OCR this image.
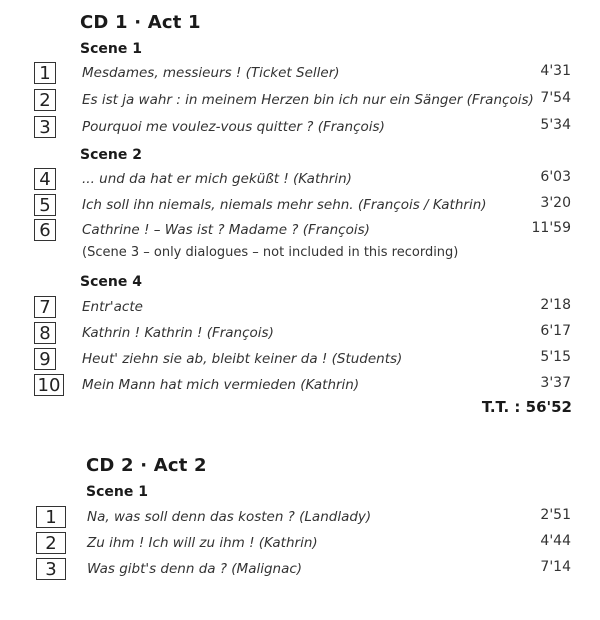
CD 1 · Act 1
Scene 1
1	Mesdames, messieurs ! (Ticket Seller)	4'31
2	Es ist ja wahr : in meinem Herzen bin ich nur ein Sänger (François) 7'54
3	Pourquoi me voulez-vous quitter ? (François)	5'34
Scene 2
4	... und da hat er mich geküßt ! (Kathrin)	6'03
5	Ich soll ihn niemals, niemals mehr sehn. (François / Kathrin)	3'20
6	Cathrine ! – Was ist ? Madame ? (François)	11'59
(Scene 3 – only dialogues – not included in this recording)
Scene 4
7	Entr'acte	2'18
8	Kathrin ! Kathrin ! (François)	6'17
9	Heut' ziehn sie ab, bleibt keiner da ! (Students)	5'15
10 Mein Mann hat mich vermieden (Kathrin)	3'37
T.T. : 56'52
CD 2 · Act 2
Scene 1
1	Na, was soll denn das kosten ? (Landlady)	2'51
2	Zu ihm ! Ich will zu ihm ! (Kathrin)	4'44
3	Was gibt's denn da ? (Malignac)	7'14
